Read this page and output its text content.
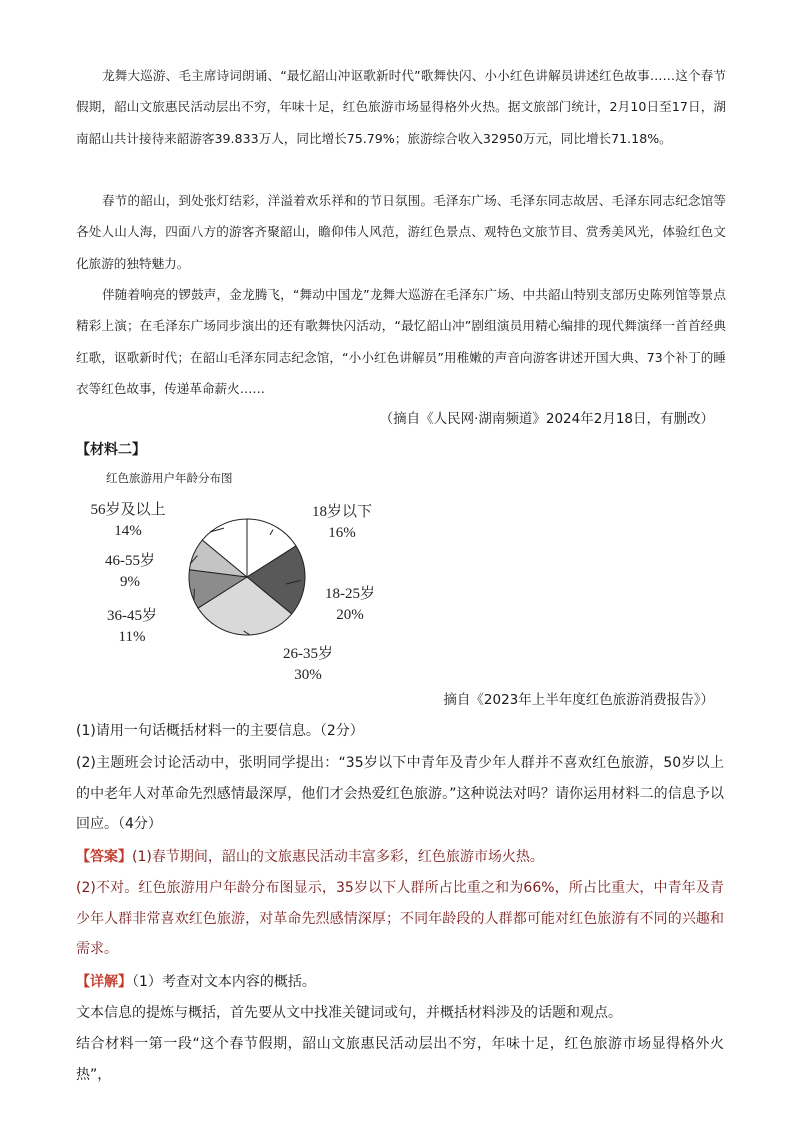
龙舞大巡游、毛主席诗词朗诵、“最忆韶山冲讴歌新时代”歌舞快闪、小小红色讲解员讲述红色故事……这个春节假期，韶山文旅惠民活动层出不穷，年味十足，红色旅游市场显得格外火热。据文旅部门统计，2月10日至17日，湖南韶山共计接待来韶游客39.833万人，同比增长75.79%；旅游综合收入32950万元，同比增长71.18%。
春节的韶山，到处张灯结彩，洋溢着欢乐祥和的节日氛围。毛泽东广场、毛泽东同志故居、毛泽东同志纪念馆等各处人山人海，四面八方的游客齐聚韶山，瞻仰伟人风范，游红色景点、观特色文旅节目、赏秀美风光，体验红色文化旅游的独特魅力。
伴随着响亮的锣鼓声，金龙腾飞，“舞动中国龙”龙舞大巡游在毛泽东广场、中共韶山特别支部历史陈列馆等景点精彩上演；在毛泽东广场同步演出的还有歌舞快闪活动，“最忆韶山冲”剧组演员用精心编排的现代舞演绎一首首经典红歌，讴歌新时代；在韶山毛泽东同志纪念馆，“小小红色讲解员”用稚嫩的声音向游客讲述开国大典、73个补丁的睡衣等红色故事，传递革命薪火……
（摘自《人民网·湖南频道》2024年2月18日，有删改）
【材料二】
红色旅游用户年龄分布图
18岁以下
16%
18-25岁
20%
26-35岁
30%
36-45岁
11%
46-55岁
9%
56岁及以上
14%
摘自《2023年上半年度红色旅游消费报告》）
(1)请用一句话概括材料一的主要信息。（2分）
(2)主题班会讨论活动中，张明同学提出：“35岁以下中青年及青少年人群并不喜欢红色旅游，50岁以上的中老年人对革命先烈感情最深厚，他们才会热爱红色旅游。”这种说法对吗？请你运用材料二的信息予以回应。（4分）
【答案】(1)春节期间，韶山的文旅惠民活动丰富多彩，红色旅游市场火热。
(2)不对。红色旅游用户年龄分布图显示，35岁以下人群所占比重之和为66%，所占比重大，中青年及青少年人群非常喜欢红色旅游，对革命先烈感情深厚；不同年龄段的人群都可能对红色旅游有不同的兴趣和需求。
【详解】（1）考查对文本内容的概括。
文本信息的提炼与概括，首先要从文中找准关键词或句，并概括材料涉及的话题和观点。
结合材料一第一段“这个春节假期，韶山文旅惠民活动层出不穷，年味十足，红色旅游市场显得格外火热”，
